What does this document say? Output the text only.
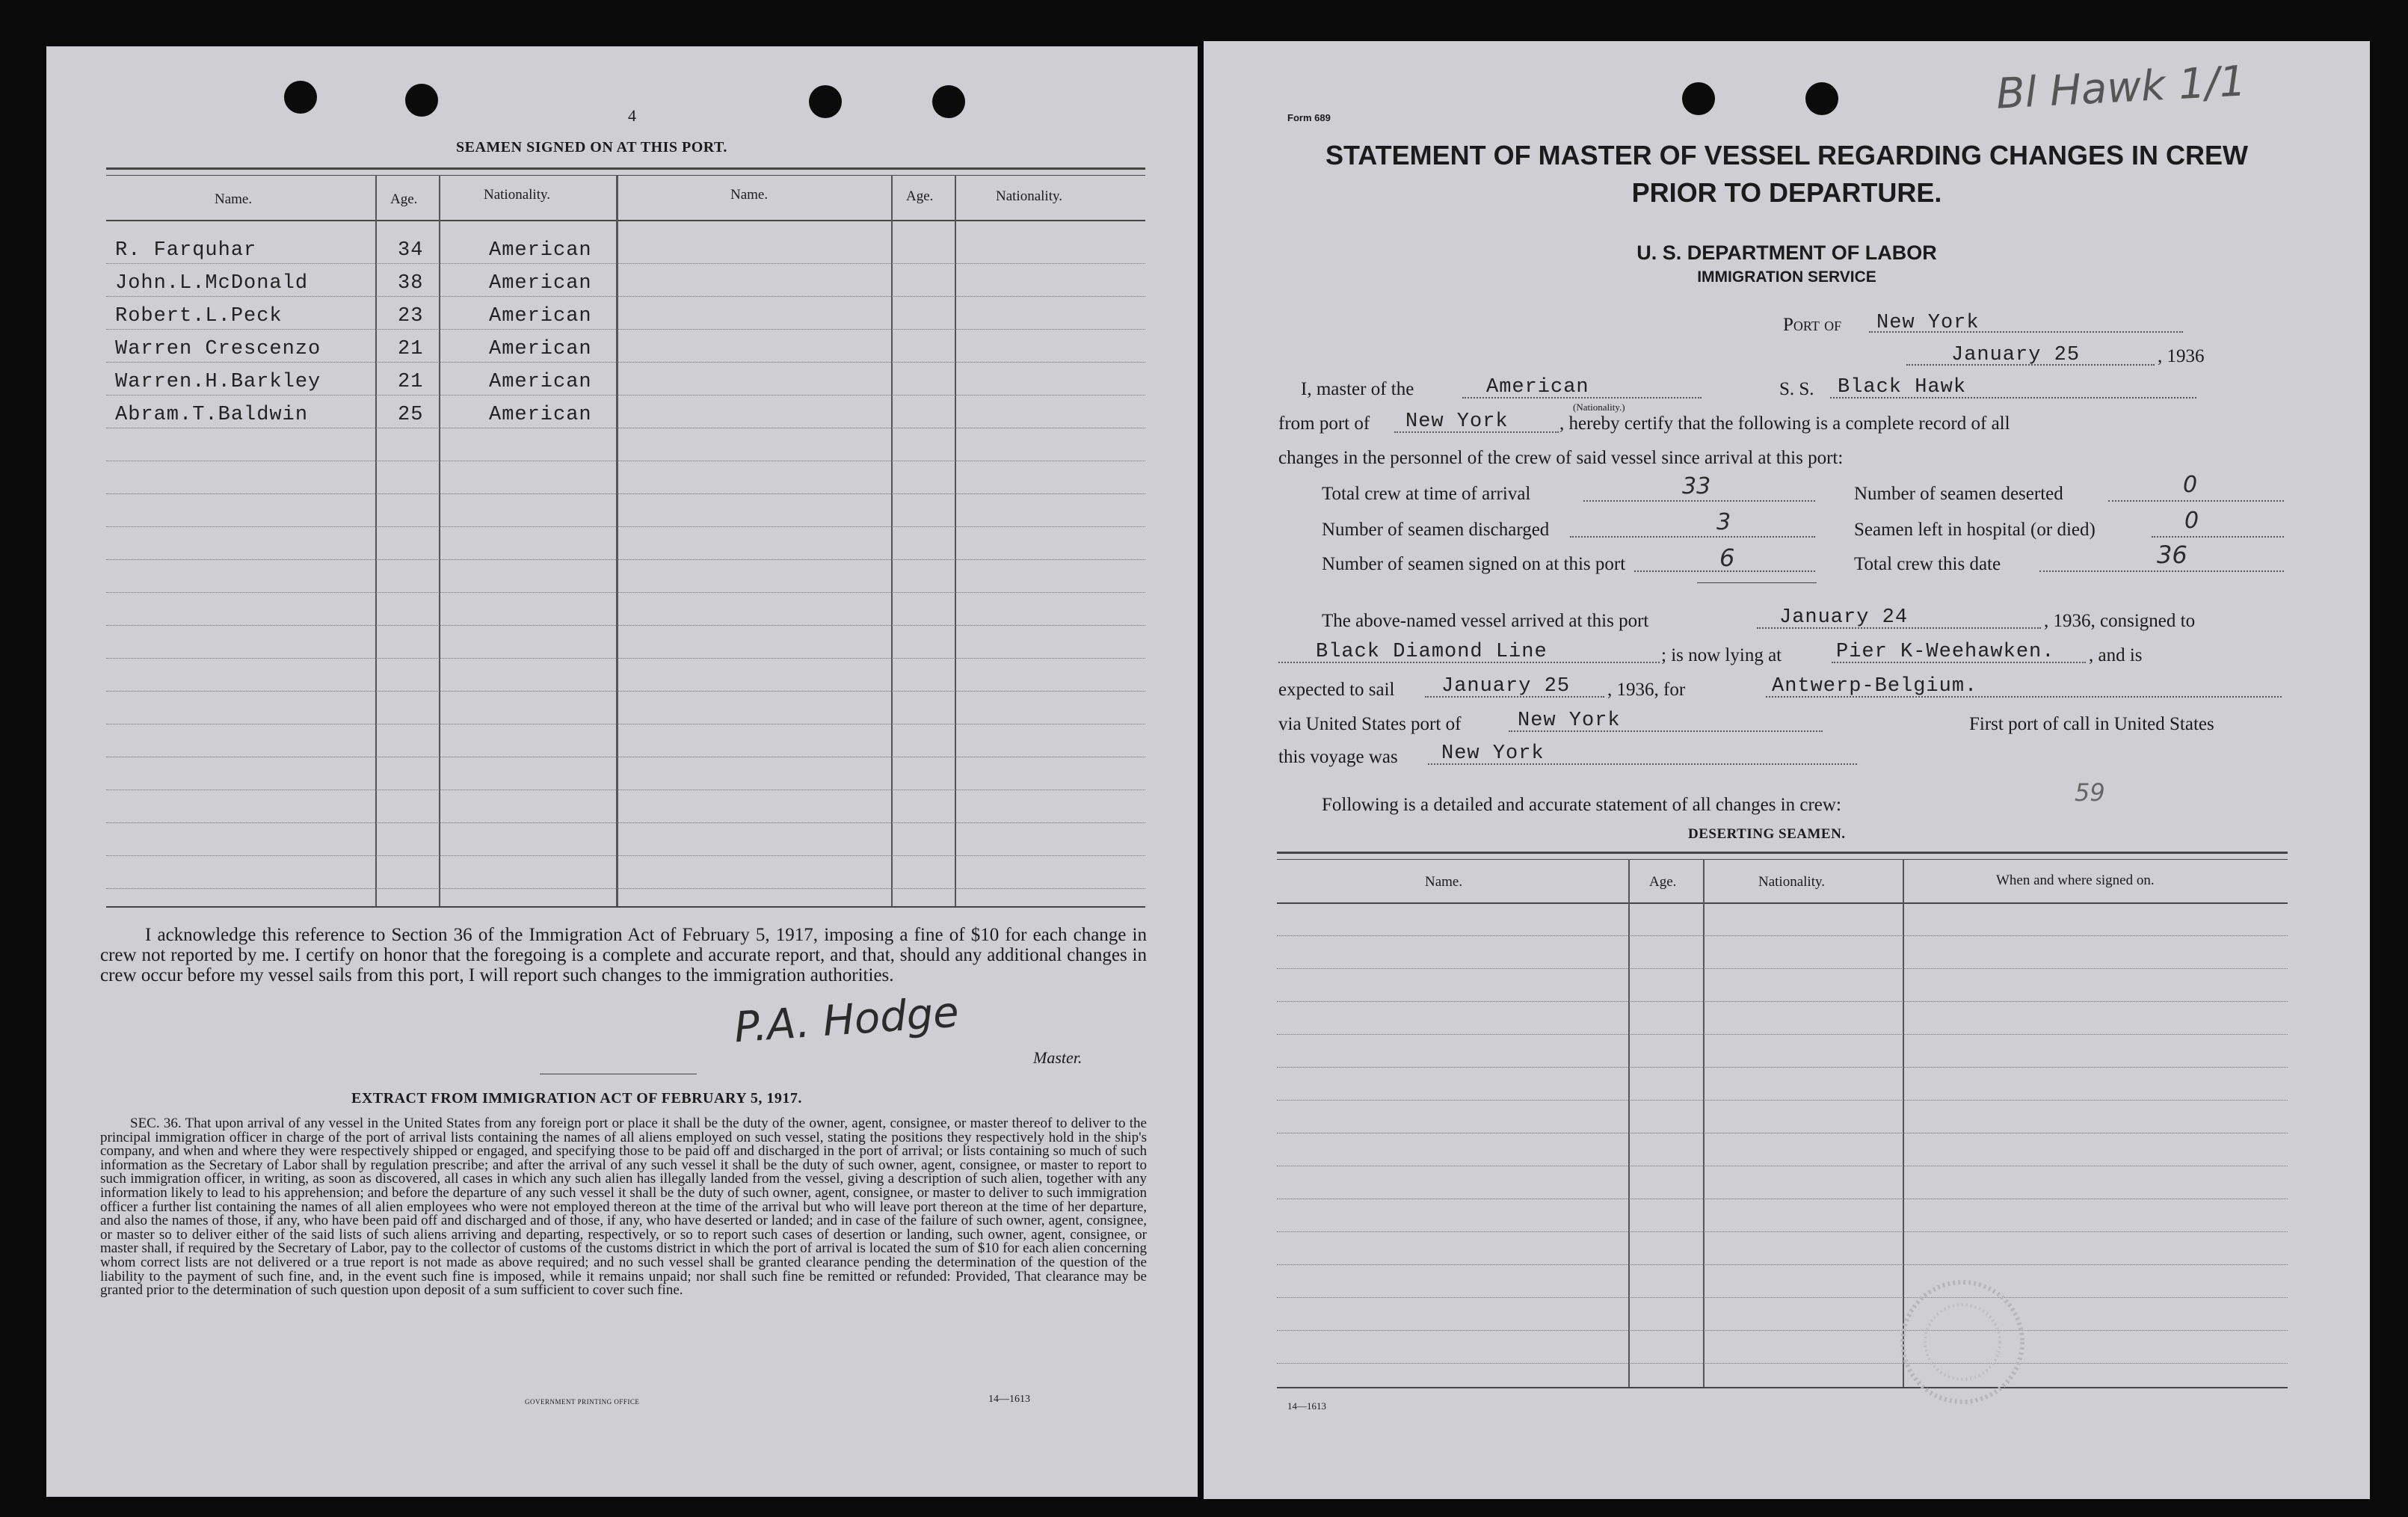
4
SEAMEN SIGNED ON AT THIS PORT.
Name.	Age.	Nationality.	Name.	Age.	Nationality.
R. Farquhar	34	American
John.L.McDonald	38	American
Robert.L.Peck	23	American
Warren Crescenzo	21	American
Warren.H.Barkley	21	American
Abram.T.Baldwin	25	American
I acknowledge this reference to Section 36 of the Immigration Act of February 5, 1917, imposing a fine of $10 for each change in crew not reported by me. I certify on honor that the foregoing is a complete and accurate report, and that, should any additional changes in crew occur before my vessel sails from this port, I will report such changes to the immigration authorities.
P.A. Hodge
Master.
EXTRACT FROM IMMIGRATION ACT OF FEBRUARY 5, 1917.
SEC. 36. That upon arrival of any vessel in the United States from any foreign port or place it shall be the duty of the owner, agent, consignee, or master thereof to deliver to the principal immigration officer in charge of the port of arrival lists containing the names of all aliens employed on such vessel, stating the positions they respectively hold in the ship's company, and when and where they were respectively shipped or engaged, and specifying those to be paid off and discharged in the port of arrival; or lists containing so much of such information as the Secretary of Labor shall by regulation prescribe; and after the arrival of any such vessel it shall be the duty of such owner, agent, consignee, or master to report to such immigration officer, in writing, as soon as discovered, all cases in which any such alien has illegally landed from the vessel, giving a description of such alien, together with any information likely to lead to his apprehension; and before the departure of any such vessel it shall be the duty of such owner, agent, consignee, or master to deliver to such immigration officer a further list containing the names of all alien employees who were not employed thereon at the time of the arrival but who will leave port thereon at the time of her departure, and also the names of those, if any, who have been paid off and discharged and of those, if any, who have deserted or landed; and in case of the failure of such owner, agent, consignee, or master so to deliver either of the said lists of such aliens arriving and departing, respectively, or so to report such cases of desertion or landing, such owner, agent, consignee, or master shall, if required by the Secretary of Labor, pay to the collector of customs of the customs district in which the port of arrival is located the sum of $10 for each alien concerning whom correct lists are not delivered or a true report is not made as above required; and no such vessel shall be granted clearance pending the determination of the question of the liability to the payment of such fine, and, in the event such fine is imposed, while it remains unpaid; nor shall such fine be remitted or refunded: Provided, That clearance may be granted prior to the determination of such question upon deposit of a sum sufficient to cover such fine.
GOVERNMENT PRINTING OFFICE	14—1613
Form 689	Bl Hawk 1/1
STATEMENT OF MASTER OF VESSEL REGARDING CHANGES IN CREW
PRIOR TO DEPARTURE.
U. S. DEPARTMENT OF LABOR
IMMIGRATION SERVICE
Port of New York
January 25	, 1936
I, master of the	American
(Nationality.)
S. S. Black Hawk
from port of New York	, hereby certify that the following is a complete record of all
changes in the personnel of the crew of said vessel since arrival at this port:
Total crew at time of arrival	33
Number of seamen discharged	3
Number of seamen signed on at this port	6
Number of seamen deserted	0
Seamen left in hospital (or died)	0
Total crew this date	36
The above-named vessel arrived at this port	January 24	, 1936, consigned to
Black Diamond Line	; is now lying at	Pier K-Weehawken. , and is
expected to sail January 25 , 1936, for	Antwerp-Belgium.
via United States port of	New York	First port of call in United States
this voyage was New York
Following is a detailed and accurate statement of all changes in crew:	59
DESERTING SEAMEN.
Name.	Age.	Nationality.	When and where signed on.
14—1613
